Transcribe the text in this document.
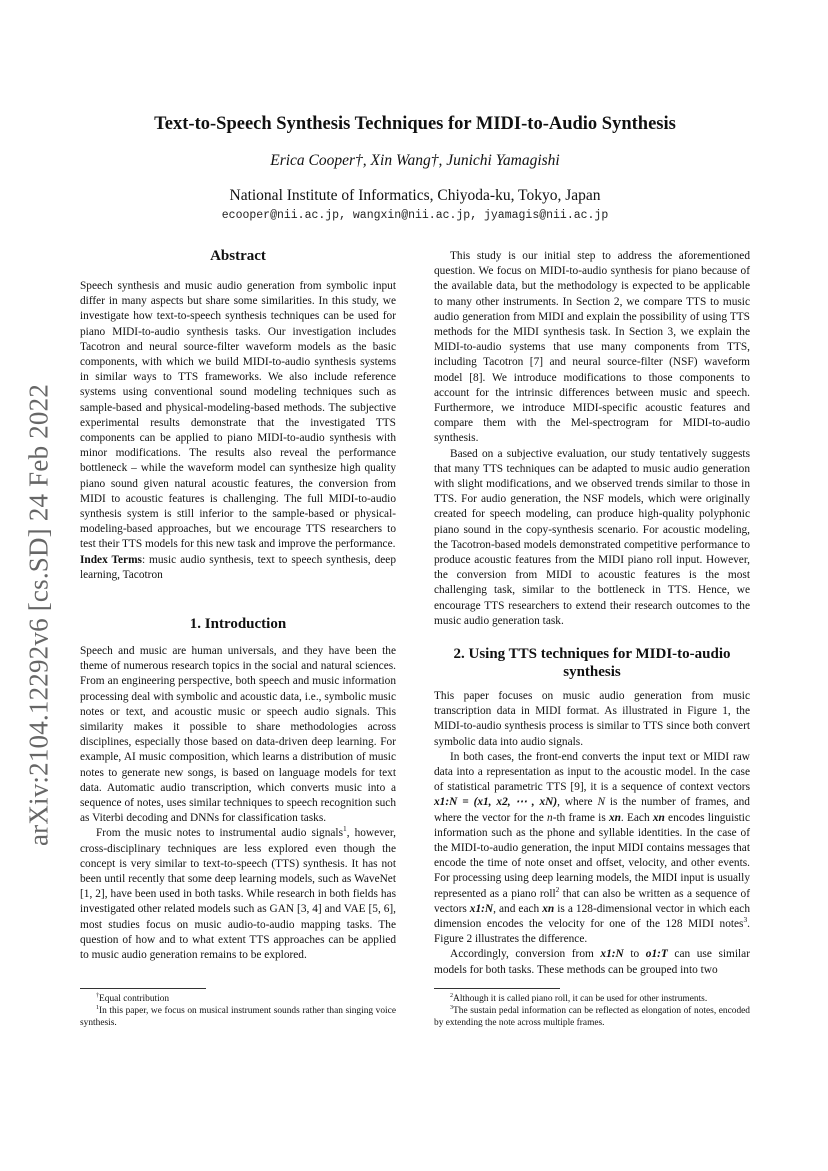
arXiv:2104.12292v6 [cs.SD] 24 Feb 2022
Text-to-Speech Synthesis Techniques for MIDI-to-Audio Synthesis
Erica Cooper†, Xin Wang†, Junichi Yamagishi
National Institute of Informatics, Chiyoda-ku, Tokyo, Japan
ecooper@nii.ac.jp, wangxin@nii.ac.jp, jyamagis@nii.ac.jp
Abstract

Speech synthesis and music audio generation from symbolic input differ in many aspects but share some similarities. In this study, we investigate how text-to-speech synthesis techniques can be used for piano MIDI-to-audio synthesis tasks. Our investigation includes Tacotron and neural source-filter waveform models as the basic components, with which we build MIDI-to-audio synthesis systems in similar ways to TTS frameworks. We also include reference systems using conventional sound modeling techniques such as sample-based and physical-modeling-based methods. The subjective experimental results demonstrate that the investigated TTS components can be applied to piano MIDI-to-audio synthesis with minor modifications. The results also reveal the performance bottleneck – while the waveform model can synthesize high quality piano sound given natural acoustic features, the conversion from MIDI to acoustic features is challenging. The full MIDI-to-audio synthesis system is still inferior to the sample-based or physical-modeling-based approaches, but we encourage TTS researchers to test their TTS models for this new task and improve the performance.

Index Terms: music audio synthesis, text to speech synthesis, deep learning, Tacotron

1. Introduction

Speech and music are human universals, and they have been the theme of numerous research topics in the social and natural sciences. From an engineering perspective, both speech and music information processing deal with symbolic and acoustic data, i.e., symbolic music notes or text, and acoustic music or speech audio signals. This similarity makes it possible to share methodologies across disciplines, especially those based on data-driven deep learning. For example, AI music composition, which learns a distribution of music notes to generate new songs, is based on language models for text data. Automatic audio transcription, which converts music into a sequence of notes, uses similar techniques to speech recognition such as Viterbi decoding and DNNs for classification tasks.

From the music notes to instrumental audio signals$^1$, however, cross-disciplinary techniques are less explored even though the concept is very similar to text-to-speech (TTS) synthesis. It has not been until recently that some deep learning models, such as WaveNet [1, 2], have been used in both tasks. While research in both fields has investigated other related models such as GAN [3, 4] and VAE [5, 6], most studies focus on music audio-to-audio mapping tasks. The question of how and to what extent TTS approaches can be applied to music audio generation remains to be explored.

†Equal contribution

$^1$In this paper, we focus on musical instrument sounds rather than singing voice synthesis.

This study is our initial step to address the aforementioned question. We focus on MIDI-to-audio synthesis for piano because of the available data, but the methodology is expected to be applicable to many other instruments. In Section 2, we compare TTS to music audio generation from MIDI and explain the possibility of using TTS methods for the MIDI synthesis task. In Section 3, we explain the MIDI-to-audio systems that use many components from TTS, including Tacotron [7] and neural source-filter (NSF) waveform model [8]. We introduce modifications to those components to account for the intrinsic differences between music and speech. Furthermore, we introduce MIDI-specific acoustic features and compare them with the Mel-spectrogram for MIDI-to-audio synthesis.

Based on a subjective evaluation, our study tentatively suggests that many TTS techniques can be adapted to music audio generation with slight modifications, and we observed trends similar to those in TTS. For audio generation, the NSF models, which were originally created for speech modeling, can produce high-quality polyphonic piano sound in the copy-synthesis scenario. For acoustic modeling, the Tacotron-based models demonstrated competitive performance to produce acoustic features from the MIDI piano roll input. However, the conversion from MIDI to acoustic features is the most challenging task, similar to the bottleneck in TTS. Hence, we encourage TTS researchers to extend their research outcomes to the music audio generation task.

2. Using TTS techniques for MIDI-to-audio synthesis

This paper focuses on music audio generation from music transcription data in MIDI format. As illustrated in Figure 1, the MIDI-to-audio synthesis process is similar to TTS since both convert symbolic data into audio signals.

In both cases, the front-end converts the input text or MIDI raw data into a representation as input to the acoustic model. In the case of statistical parametric TTS [9], it is a sequence of context vectors x1:N = (x1, x2, ⋯ , xN), where N is the number of frames, and where the vector for the n-th frame is xn. Each xn encodes linguistic information such as the phone and syllable identities. In the case of the MIDI-to-audio generation, the input MIDI contains messages that encode the time of note onset and offset, velocity, and other events. For processing using deep learning models, the MIDI input is usually represented as a piano roll$^2$ that can also be written as a sequence of vectors x1:N, and each xn is a 128-dimensional vector in which each dimension encodes the velocity for one of the 128 MIDI notes$^3$. Figure 2 illustrates the difference.

Accordingly, conversion from x1:N to o1:T can use similar models for both tasks. These methods can be grouped into two

$^2$Although it is called piano roll, it can be used for other instruments.

$^3$The sustain pedal information can be reflected as elongation of notes, encoded by extending the note across multiple frames.
